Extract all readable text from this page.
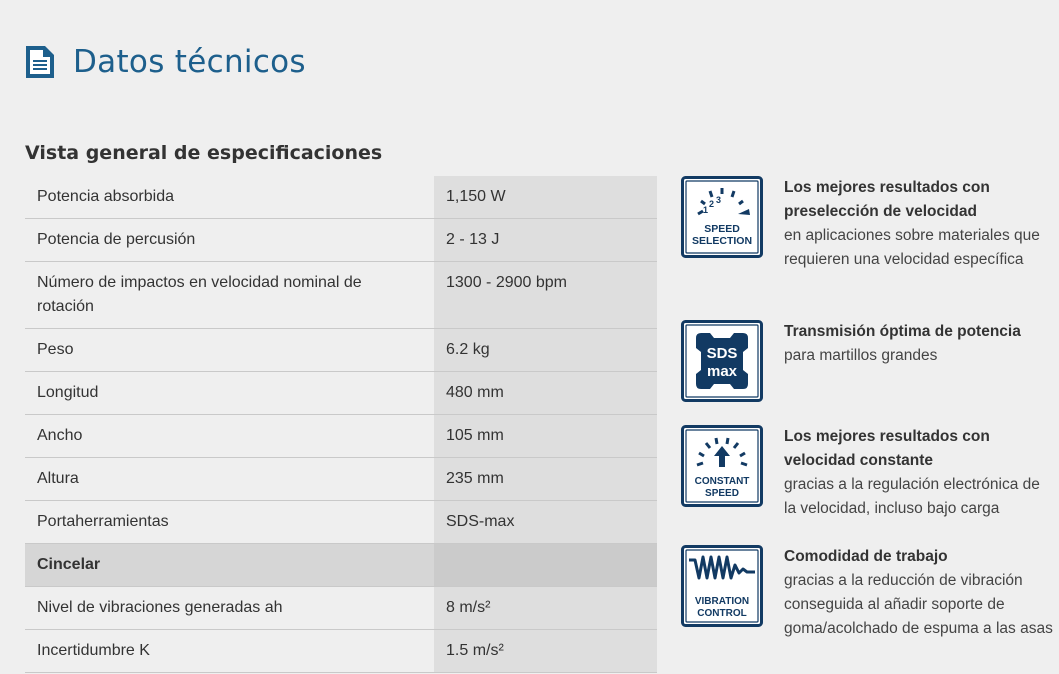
Datos técnicos
Vista general de especificaciones
Potencia absorbida	1,150 W
Potencia de percusión	2 - 13 J
Número de impactos en velocidad nominal de rotación	1300 - 2900 bpm
Peso	6.2 kg
Longitud	480 mm
Ancho	105 mm
Altura	235 mm
Portaherramientas	SDS-max
Cincelar	
Nivel de vibraciones generadas ah	8 m/s²
Incertidumbre K	1.5 m/s²
1
2 3
SPEED
SELECTION
Los mejores resultados con preselección de velocidad
en aplicaciones sobre materiales que requieren una velocidad específica
SDS
max
Transmisión óptima de potencia
para martillos grandes
CONSTANT
SPEED
Los mejores resultados con velocidad constante
gracias a la regulación electrónica de la velocidad, incluso bajo carga
VIBRATION
CONTROL
Comodidad de trabajo
gracias a la reducción de vibración conseguida al añadir soporte de goma/acolchado de espuma a las asas
